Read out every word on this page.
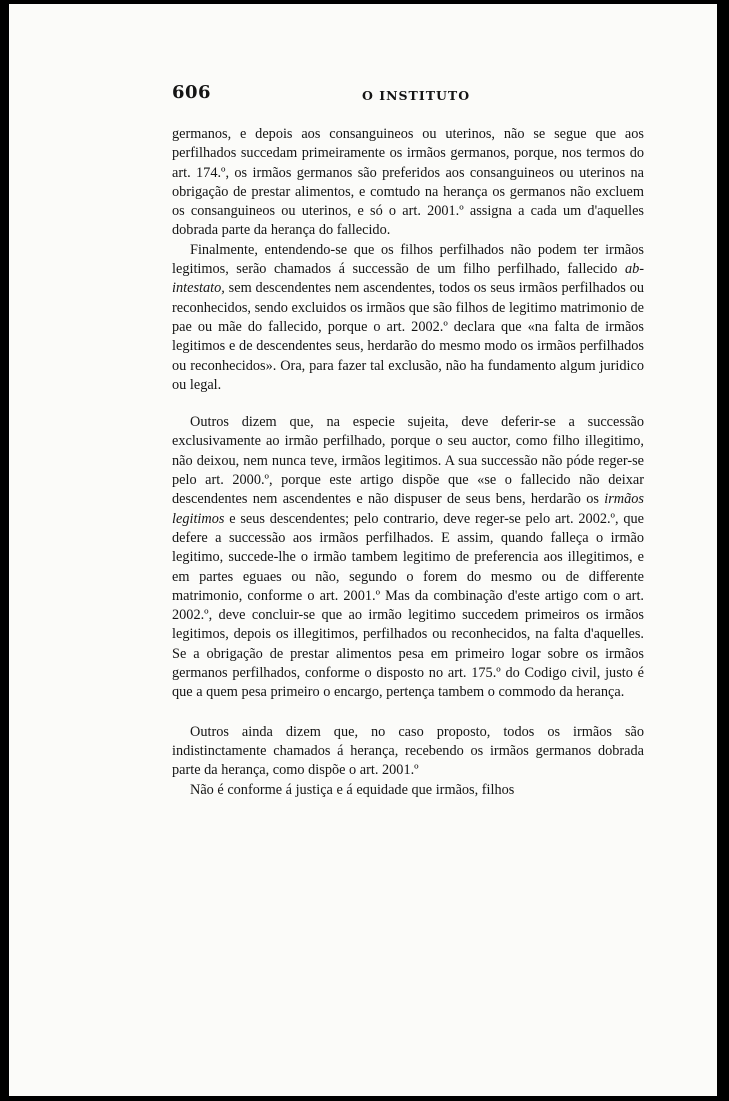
606	O INSTITUTO

germanos, e depois aos consanguineos ou uterinos, não se segue que aos perfilhados succedam primeiramente os irmãos germanos, porque, nos termos do art. 174.º, os irmãos germanos são preferidos aos consanguineos ou uterinos na obrigação de prestar alimentos, e comtudo na herança os germanos não excluem os consanguineos ou uterinos, e só o art. 2001.º assigna a cada um d'aquelles dobrada parte da herança do fallecido.

Finalmente, entendendo-se que os filhos perfilhados não podem ter irmãos legitimos, serão chamados á successão de um filho perfilhado, fallecido ab-intestato, sem descendentes nem ascendentes, todos os seus irmãos perfilhados ou reconhecidos, sendo excluidos os irmãos que são filhos de legitimo matrimonio de pae ou mãe do fallecido, porque o art. 2002.º declara que «na falta de irmãos legitimos e de descendentes seus, herdarão do mesmo modo os irmãos perfilhados ou reconhecidos». Ora, para fazer tal exclusão, não ha fundamento algum juridico ou legal.

Outros dizem que, na especie sujeita, deve deferir-se a successão exclusivamente ao irmão perfilhado, porque o seu auctor, como filho illegitimo, não deixou, nem nunca teve, irmãos legitimos. A sua successão não póde reger-se pelo art. 2000.º, porque este artigo dispõe que «se o fallecido não deixar descendentes nem ascendentes e não dispuser de seus bens, herdarão os irmãos legitimos e seus descendentes; pelo contrario, deve reger-se pelo art. 2002.º, que defere a successão aos irmãos perfilhados. E assim, quando falleça o irmão legitimo, succede-lhe o irmão tambem legitimo de preferencia aos illegitimos, e em partes eguaes ou não, segundo o forem do mesmo ou de differente matrimonio, conforme o art. 2001.º Mas da combinação d'este artigo com o art. 2002.º, deve concluir-se que ao irmão legitimo succedem primeiros os irmãos legitimos, depois os illegitimos, perfilhados ou reconhecidos, na falta d'aquelles. Se a obrigação de prestar alimentos pesa em primeiro logar sobre os irmãos germanos perfilhados, conforme o disposto no art. 175.º do Codigo civil, justo é que a quem pesa primeiro o encargo, pertença tambem o commodo da herança.

Outros ainda dizem que, no caso proposto, todos os irmãos são indistinctamente chamados á herança, recebendo os irmãos germanos dobrada parte da herança, como dispõe o art. 2001.º

Não é conforme á justiça e á equidade que irmãos, filhos
